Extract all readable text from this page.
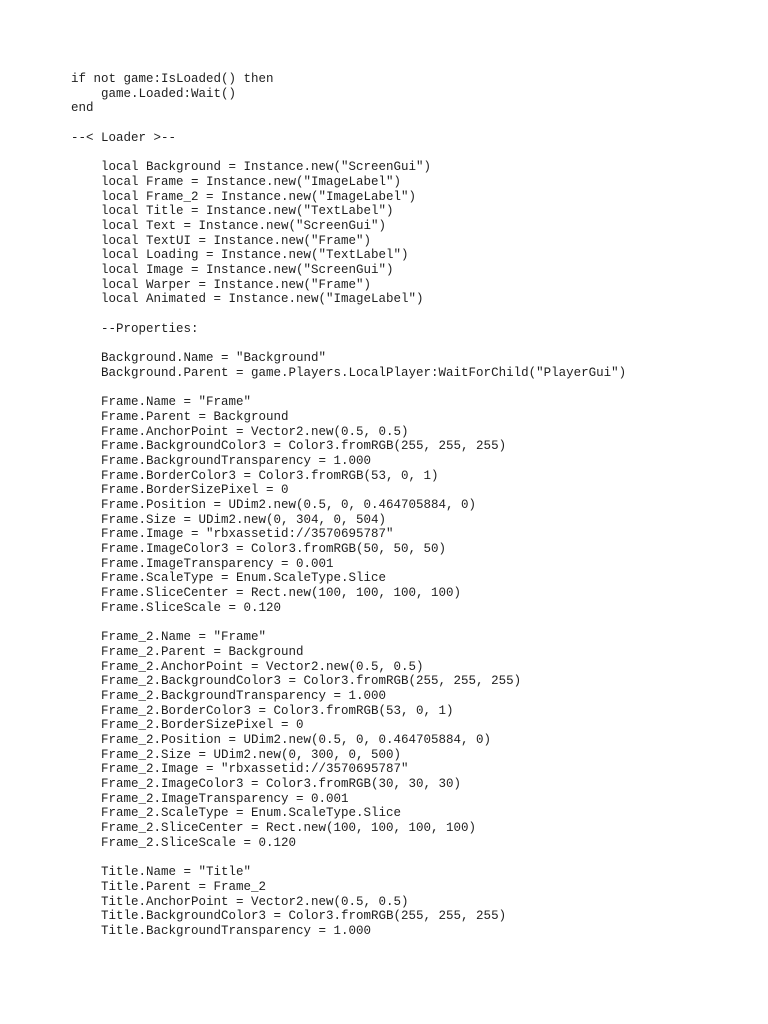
if not game:IsLoaded() then
game.Loaded:Wait()
end
--< Loader >--
local Background = Instance.new("ScreenGui")
local Frame = Instance.new("ImageLabel")
local Frame_2 = Instance.new("ImageLabel")
local Title = Instance.new("TextLabel")
local Text = Instance.new("ScreenGui")
local TextUI = Instance.new("Frame")
local Loading = Instance.new("TextLabel")
local Image = Instance.new("ScreenGui")
local Warper = Instance.new("Frame")
local Animated = Instance.new("ImageLabel")
--Properties:
Background.Name = "Background"
Background.Parent = game.Players.LocalPlayer:WaitForChild("PlayerGui")
Frame.Name = "Frame"
Frame.Parent = Background
Frame.AnchorPoint = Vector2.new(0.5, 0.5)
Frame.BackgroundColor3 = Color3.fromRGB(255, 255, 255)
Frame.BackgroundTransparency = 1.000
Frame.BorderColor3 = Color3.fromRGB(53, 0, 1)
Frame.BorderSizePixel = 0
Frame.Position = UDim2.new(0.5, 0, 0.464705884, 0)
Frame.Size = UDim2.new(0, 304, 0, 504)
Frame.Image = "rbxassetid://3570695787"
Frame.ImageColor3 = Color3.fromRGB(50, 50, 50)
Frame.ImageTransparency = 0.001
Frame.ScaleType = Enum.ScaleType.Slice
Frame.SliceCenter = Rect.new(100, 100, 100, 100)
Frame.SliceScale = 0.120
Frame_2.Name = "Frame"
Frame_2.Parent = Background
Frame_2.AnchorPoint = Vector2.new(0.5, 0.5)
Frame_2.BackgroundColor3 = Color3.fromRGB(255, 255, 255)
Frame_2.BackgroundTransparency = 1.000
Frame_2.BorderColor3 = Color3.fromRGB(53, 0, 1)
Frame_2.BorderSizePixel = 0
Frame_2.Position = UDim2.new(0.5, 0, 0.464705884, 0)
Frame_2.Size = UDim2.new(0, 300, 0, 500)
Frame_2.Image = "rbxassetid://3570695787"
Frame_2.ImageColor3 = Color3.fromRGB(30, 30, 30)
Frame_2.ImageTransparency = 0.001
Frame_2.ScaleType = Enum.ScaleType.Slice
Frame_2.SliceCenter = Rect.new(100, 100, 100, 100)
Frame_2.SliceScale = 0.120
Title.Name = "Title"
Title.Parent = Frame_2
Title.AnchorPoint = Vector2.new(0.5, 0.5)
Title.BackgroundColor3 = Color3.fromRGB(255, 255, 255)
Title.BackgroundTransparency = 1.000
